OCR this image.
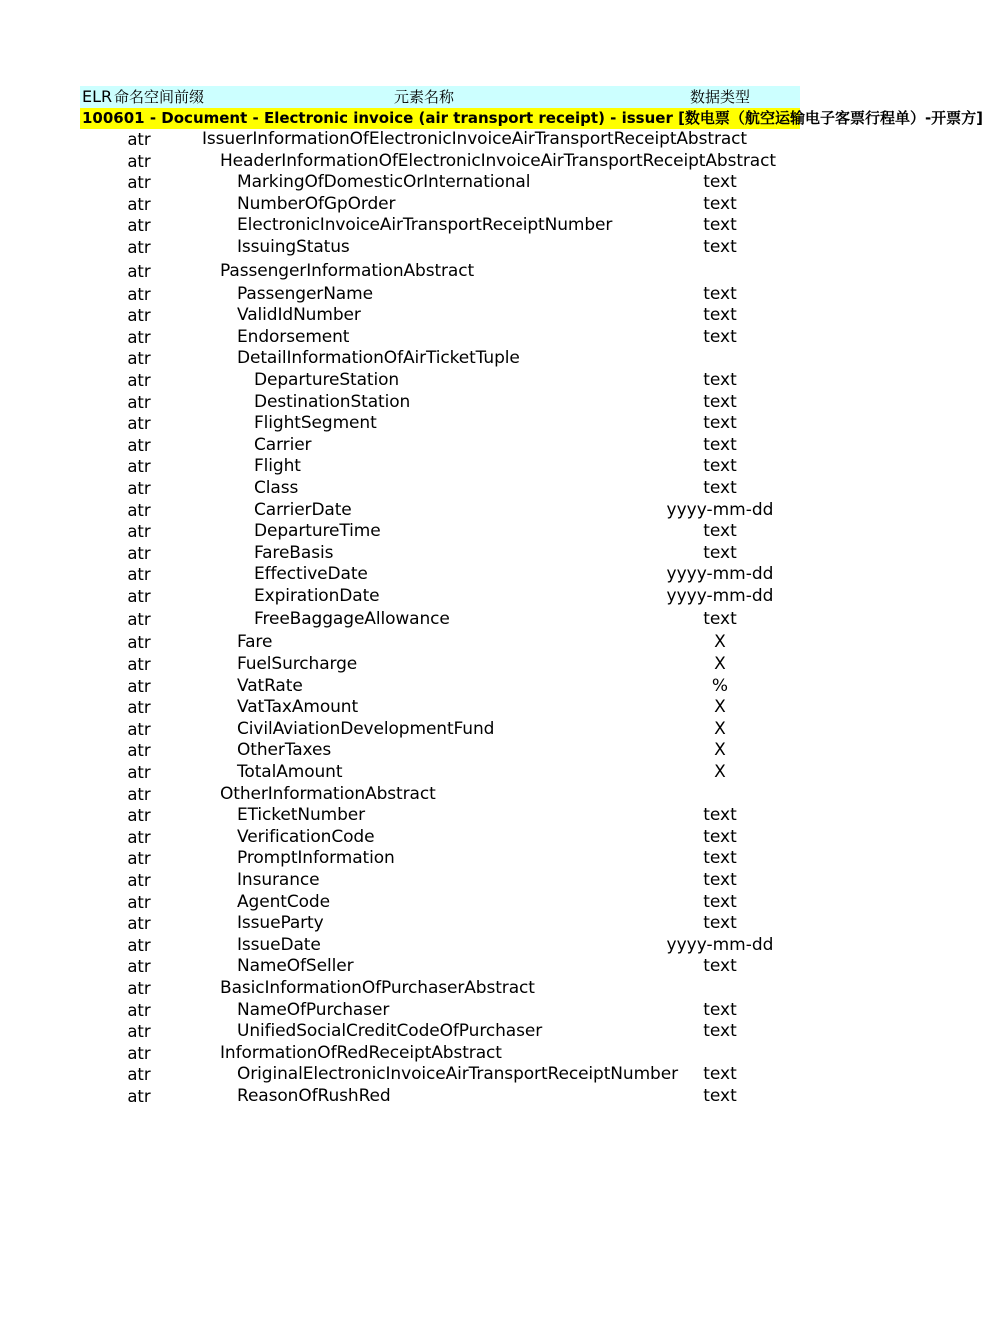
ELR 命名空间前缀	元素名称	数据类型
100601 - Document - Electronic invoice (air transport receipt) - issuer [数电票（航空运输电子客票行程单）-开票方]
atr	IssuerInformationOfElectronicInvoiceAirTransportReceiptAbstract
atr	HeaderInformationOfElectronicInvoiceAirTransportReceiptAbstract
atr	MarkingOfDomesticOrInternational	text
atr	NumberOfGpOrder	text
atr	ElectronicInvoiceAirTransportReceiptNumber	text
atr	IssuingStatus	text
atr	PassengerInformationAbstract
atr	PassengerName	text
atr	ValidIdNumber	text
atr	Endorsement	text
atr	DetailInformationOfAirTicketTuple
atr	DepartureStation	text
atr	DestinationStation	text
atr	FlightSegment	text
atr	Carrier	text
atr	Flight	text
atr	Class	text
atr	CarrierDate	yyyy-mm-dd
atr	DepartureTime	text
atr	FareBasis	text
atr	EffectiveDate	yyyy-mm-dd
atr	ExpirationDate	yyyy-mm-dd
atr	FreeBaggageAllowance	text
atr	Fare	X
atr	FuelSurcharge	X
atr	VatRate	%
atr	VatTaxAmount	X
atr	CivilAviationDevelopmentFund	X
atr	OtherTaxes	X
atr	TotalAmount	X
atr	OtherInformationAbstract
atr	ETicketNumber	text
atr	VerificationCode	text
atr	PromptInformation	text
atr	Insurance	text
atr	AgentCode	text
atr	IssueParty	text
atr	IssueDate	yyyy-mm-dd
atr	NameOfSeller	text
atr	BasicInformationOfPurchaserAbstract
atr	NameOfPurchaser	text
atr	UnifiedSocialCreditCodeOfPurchaser	text
atr	InformationOfRedReceiptAbstract
atr	OriginalElectronicInvoiceAirTransportReceiptNumber	text
atr	ReasonOfRushRed	text
